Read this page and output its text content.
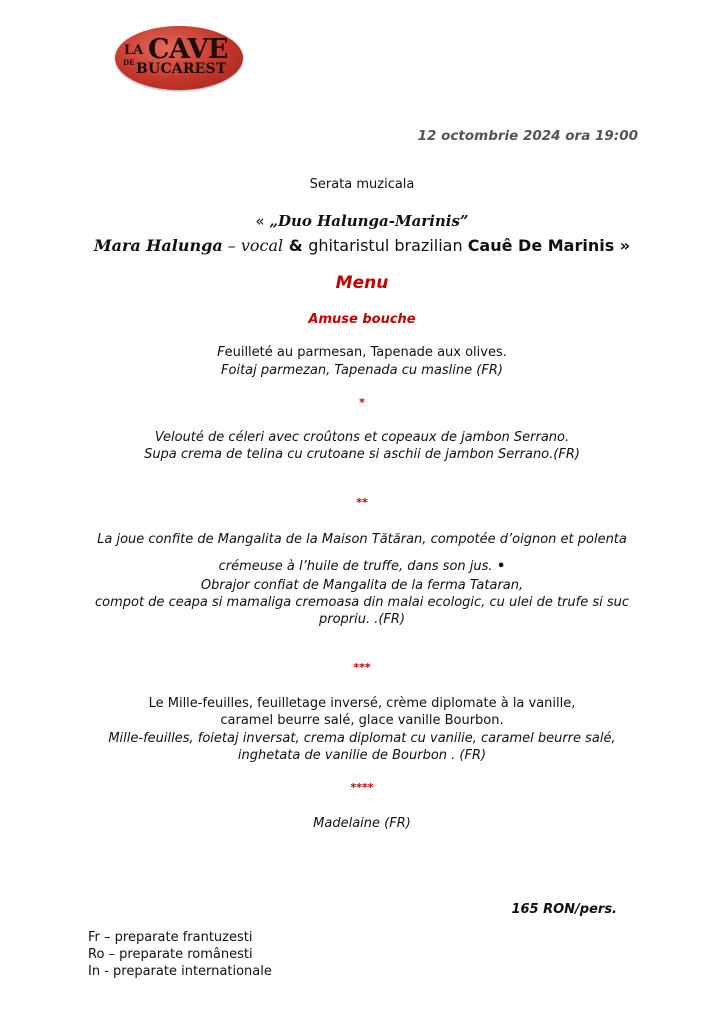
LA CAVE
DE BUCAREST
12 octombrie 2024 ora 19:00
Serata muzicala
« „Duo Halunga-Marinis”
Mara Halunga – vocal & ghitaristul brazilian Cauê De Marinis »
Menu
Amuse bouche
Feuilleté au parmesan, Tapenade aux olives.
Foitaj parmezan, Tapenada cu masline (FR)
*
Velouté de céleri avec croûtons et copeaux de jambon Serrano.
Supa crema de telina cu crutoane si aschii de jambon Serrano.(FR)
**
La joue confite de Mangalita de la Maison Tătăran, compotée d’oignon et polenta
crémeuse à l’huile de truffe, dans son jus. •
Obrajor confiat de Mangalita de la ferma Tataran,
compot de ceapa si mamaliga cremoasa din malai ecologic, cu ulei de trufe si suc
propriu. .(FR)
***
Le Mille-feuilles, feuilletage inversé, crème diplomate à la vanille,
caramel beurre salé, glace vanille Bourbon.
Mille-feuilles, foietaj inversat, crema diplomat cu vanilie, caramel beurre salé,
inghetata de vanilie de Bourbon . (FR)
****
Madelaine (FR)
165 RON/pers.
Fr – preparate frantuzesti
Ro – preparate românesti
In - preparate internationale
